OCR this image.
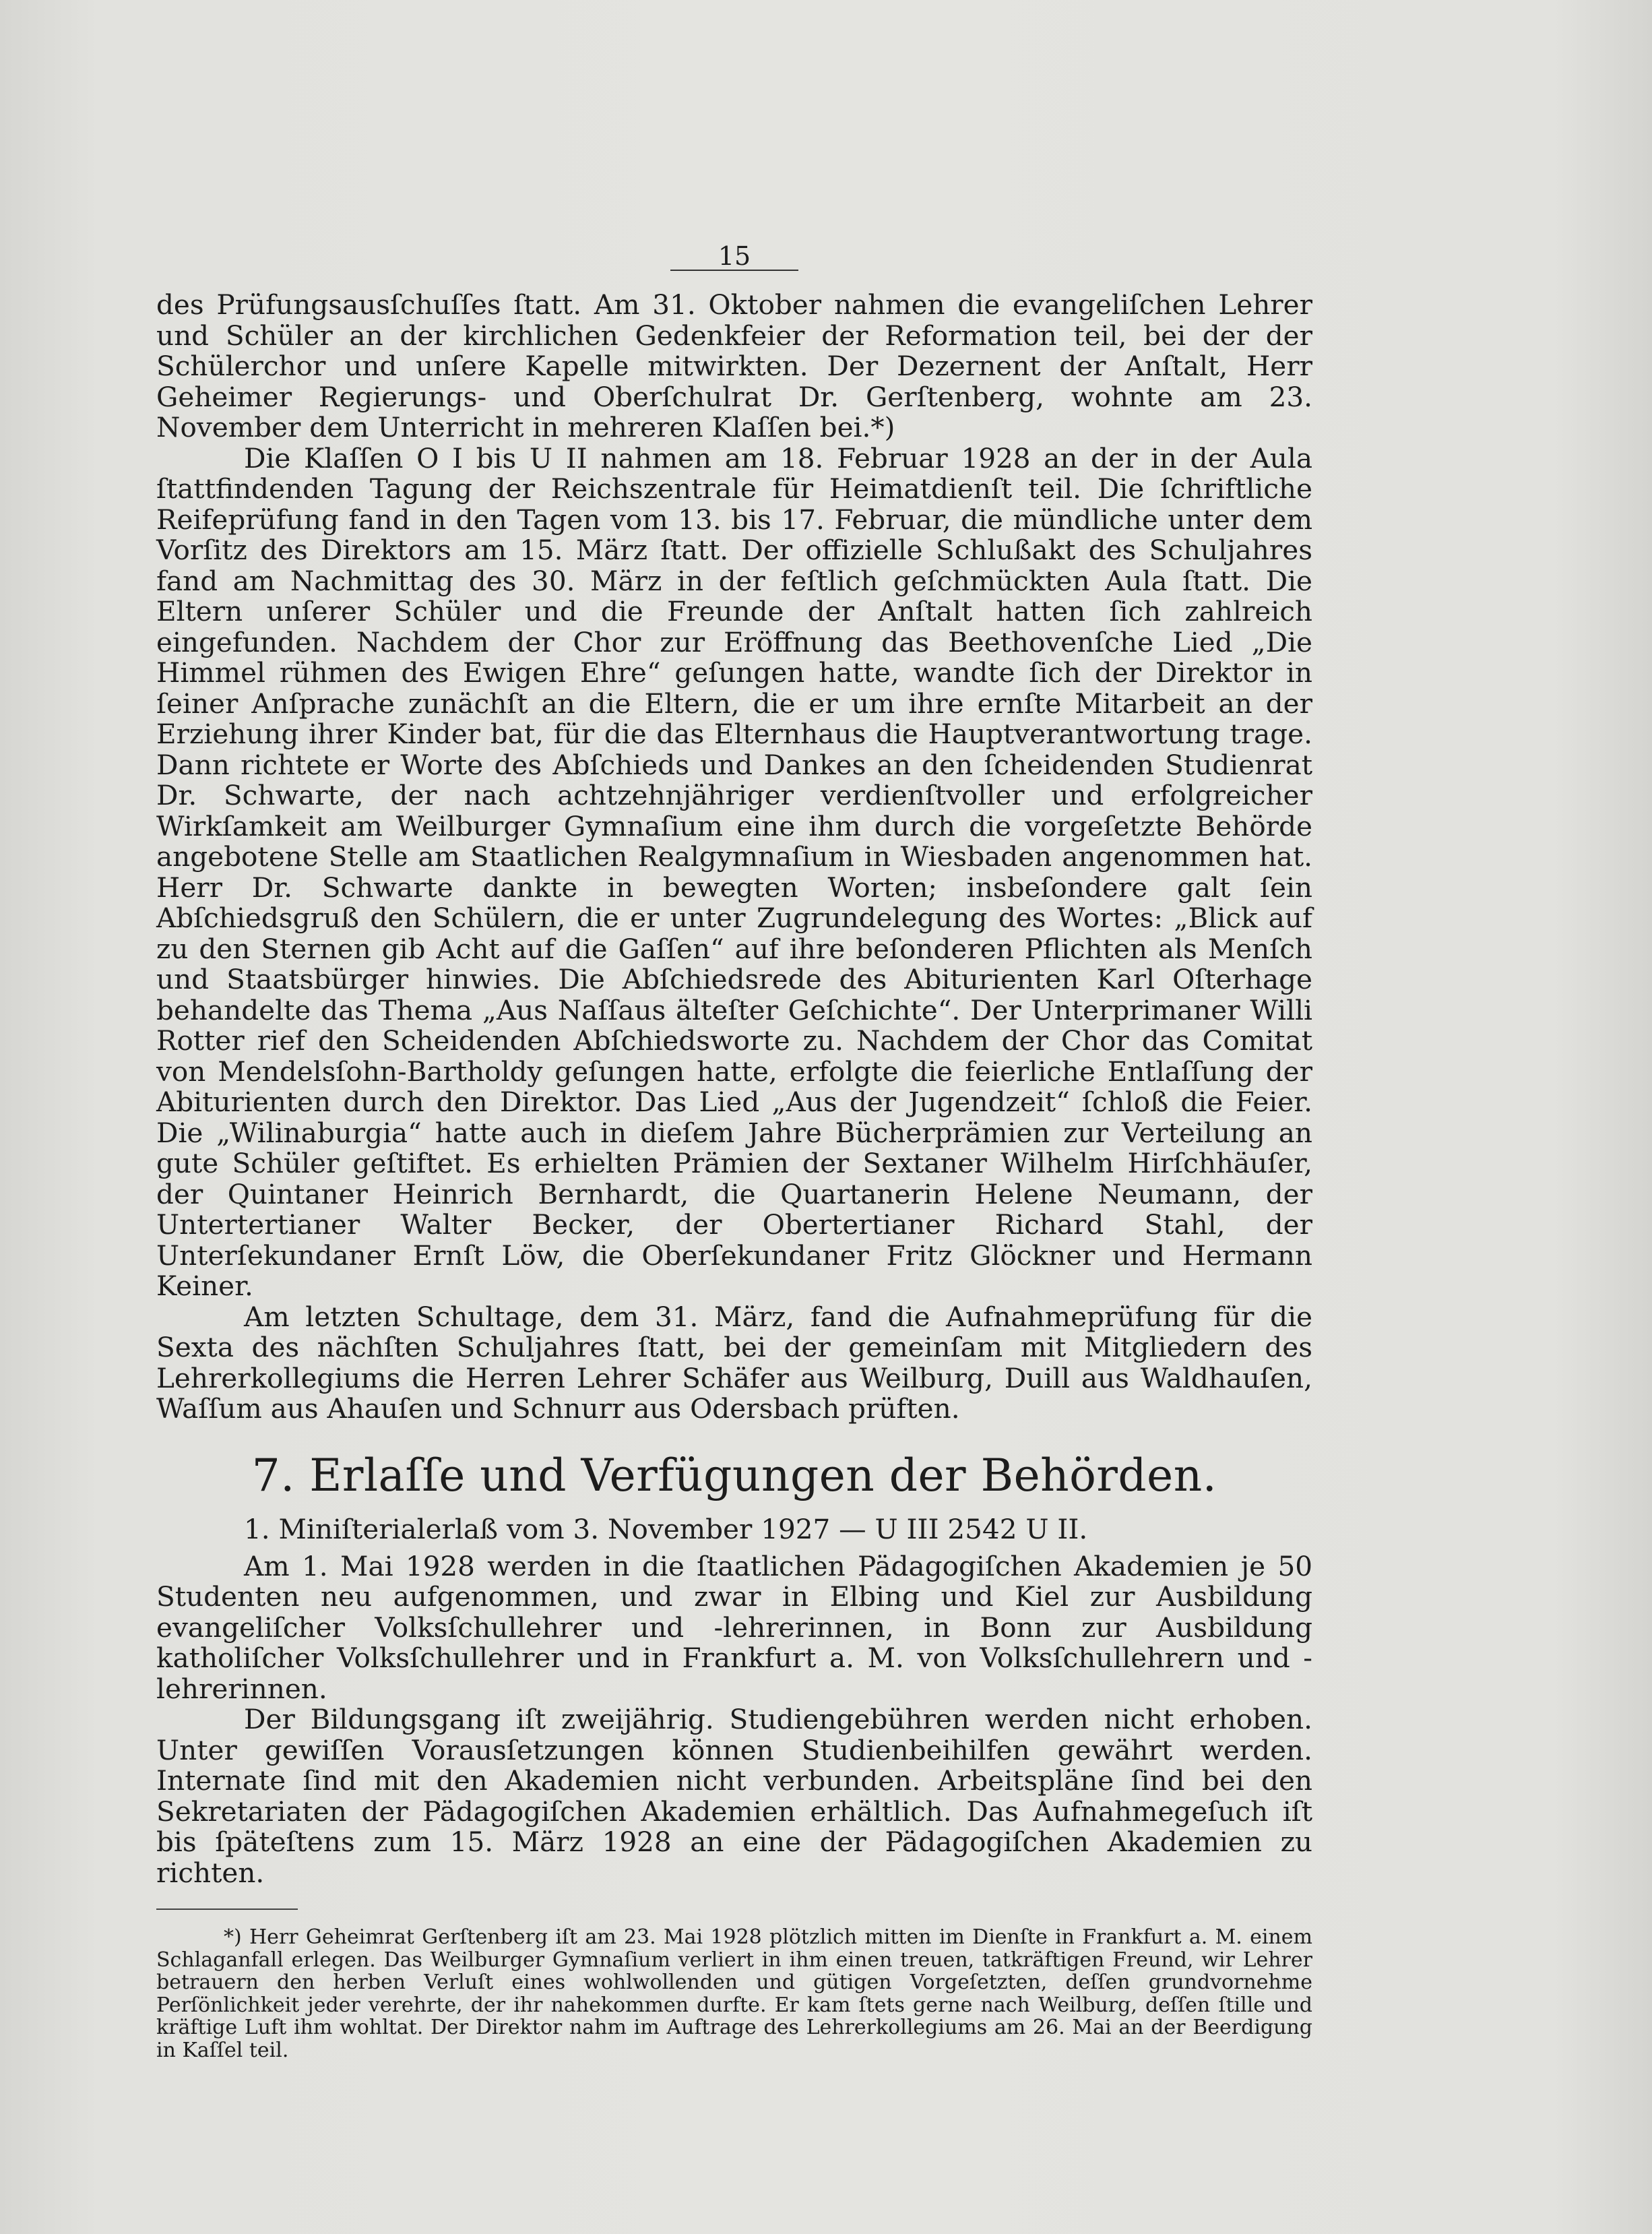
15

des Prüfungsausſchuſſes ſtatt. Am 31. Oktober nahmen die evangeliſchen Lehrer und Schüler an der kirchlichen Gedenkfeier der Reformation teil, bei der der Schülerchor und unſere Kapelle mitwirkten. Der Dezernent der Anſtalt, Herr Geheimer Regierungs- und Oberſchulrat Dr. Gerſtenberg, wohnte am 23. November dem Unterricht in mehreren Klaſſen bei.*)

Die Klaſſen O I bis U II nahmen am 18. Februar 1928 an der in der Aula ſtattfindenden Tagung der Reichszentrale für Heimatdienſt teil. Die ſchriftliche Reifeprüfung fand in den Tagen vom 13. bis 17. Februar, die mündliche unter dem Vorſitz des Direktors am 15. März ſtatt. Der offizielle Schlußakt des Schuljahres fand am Nachmittag des 30. März in der feſtlich geſchmückten Aula ſtatt. Die Eltern unſerer Schüler und die Freunde der Anſtalt hatten ſich zahlreich eingefunden. Nachdem der Chor zur Eröffnung das Beethovenſche Lied „Die Himmel rühmen des Ewigen Ehre“ geſungen hatte, wandte ſich der Direktor in ſeiner Anſprache zunächſt an die Eltern, die er um ihre ernſte Mitarbeit an der Erziehung ihrer Kinder bat, für die das Elternhaus die Hauptverantwortung trage. Dann richtete er Worte des Abſchieds und Dankes an den ſcheidenden Studienrat Dr. Schwarte, der nach achtzehnjähriger verdienſtvoller und erfolgreicher Wirkſamkeit am Weilburger Gymnaſium eine ihm durch die vorgeſetzte Behörde angebotene Stelle am Staatlichen Realgymnaſium in Wiesbaden angenommen hat. Herr Dr. Schwarte dankte in bewegten Worten; insbeſondere galt ſein Abſchiedsgruß den Schülern, die er unter Zugrundelegung des Wortes: „Blick auf zu den Sternen gib Acht auf die Gaſſen“ auf ihre beſonderen Pflichten als Menſch und Staatsbürger hinwies. Die Abſchiedsrede des Abiturienten Karl Oſterhage behandelte das Thema „Aus Naſſaus älteſter Geſchichte“. Der Unterprimaner Willi Rotter rief den Scheidenden Abſchiedsworte zu. Nachdem der Chor das Comitat von Mendelsſohn-Bartholdy geſungen hatte, erfolgte die feierliche Entlaſſung der Abiturienten durch den Direktor. Das Lied „Aus der Jugendzeit“ ſchloß die Feier. Die „Wilinaburgia“ hatte auch in dieſem Jahre Bücherprämien zur Verteilung an gute Schüler geſtiftet. Es erhielten Prämien der Sextaner Wilhelm Hirſchhäuſer, der Quintaner Heinrich Bernhardt, die Quartanerin Helene Neumann, der Untertertianer Walter Becker, der Obertertianer Richard Stahl, der Unterſekundaner Ernſt Löw, die Oberſekundaner Fritz Glöckner und Hermann Keiner.

Am letzten Schultage, dem 31. März, fand die Aufnahmeprüfung für die Sexta des nächſten Schuljahres ſtatt, bei der gemeinſam mit Mitgliedern des Lehrerkollegiums die Herren Lehrer Schäfer aus Weilburg, Duill aus Waldhauſen, Waſſum aus Ahauſen und Schnurr aus Odersbach prüften.

7. Erlaſſe und Verfügungen der Behörden.
1. Miniſterialerlaß vom 3. November 1927 — U III 2542 U II.

Am 1. Mai 1928 werden in die ſtaatlichen Pädagogiſchen Akademien je 50 Studenten neu aufgenommen, und zwar in Elbing und Kiel zur Ausbildung evangeliſcher Volksſchullehrer und -lehrerinnen, in Bonn zur Ausbildung katholiſcher Volksſchullehrer und in Frankfurt a. M. von Volksſchullehrern und -lehrerinnen.

Der Bildungsgang iſt zweijährig. Studiengebühren werden nicht erhoben. Unter gewiſſen Vorausſetzungen können Studienbeihilfen gewährt werden. Internate ſind mit den Akademien nicht verbunden. Arbeitspläne ſind bei den Sekretariaten der Pädagogiſchen Akademien erhältlich. Das Aufnahmegeſuch iſt bis ſpäteſtens zum 15. März 1928 an eine der Pädagogiſchen Akademien zu richten.

*) Herr Geheimrat Gerſtenberg iſt am 23. Mai 1928 plötzlich mitten im Dienſte in Frankfurt a. M. einem Schlaganfall erlegen. Das Weilburger Gymnaſium verliert in ihm einen treuen, tatkräftigen Freund, wir Lehrer betrauern den herben Verluſt eines wohlwollenden und gütigen Vorgeſetzten, deſſen grundvornehme Perſönlichkeit jeder verehrte, der ihr nahekommen durfte. Er kam ſtets gerne nach Weilburg, deſſen ſtille und kräftige Luft ihm wohltat. Der Direktor nahm im Auftrage des Lehrerkollegiums am 26. Mai an der Beerdigung in Kaſſel teil.
